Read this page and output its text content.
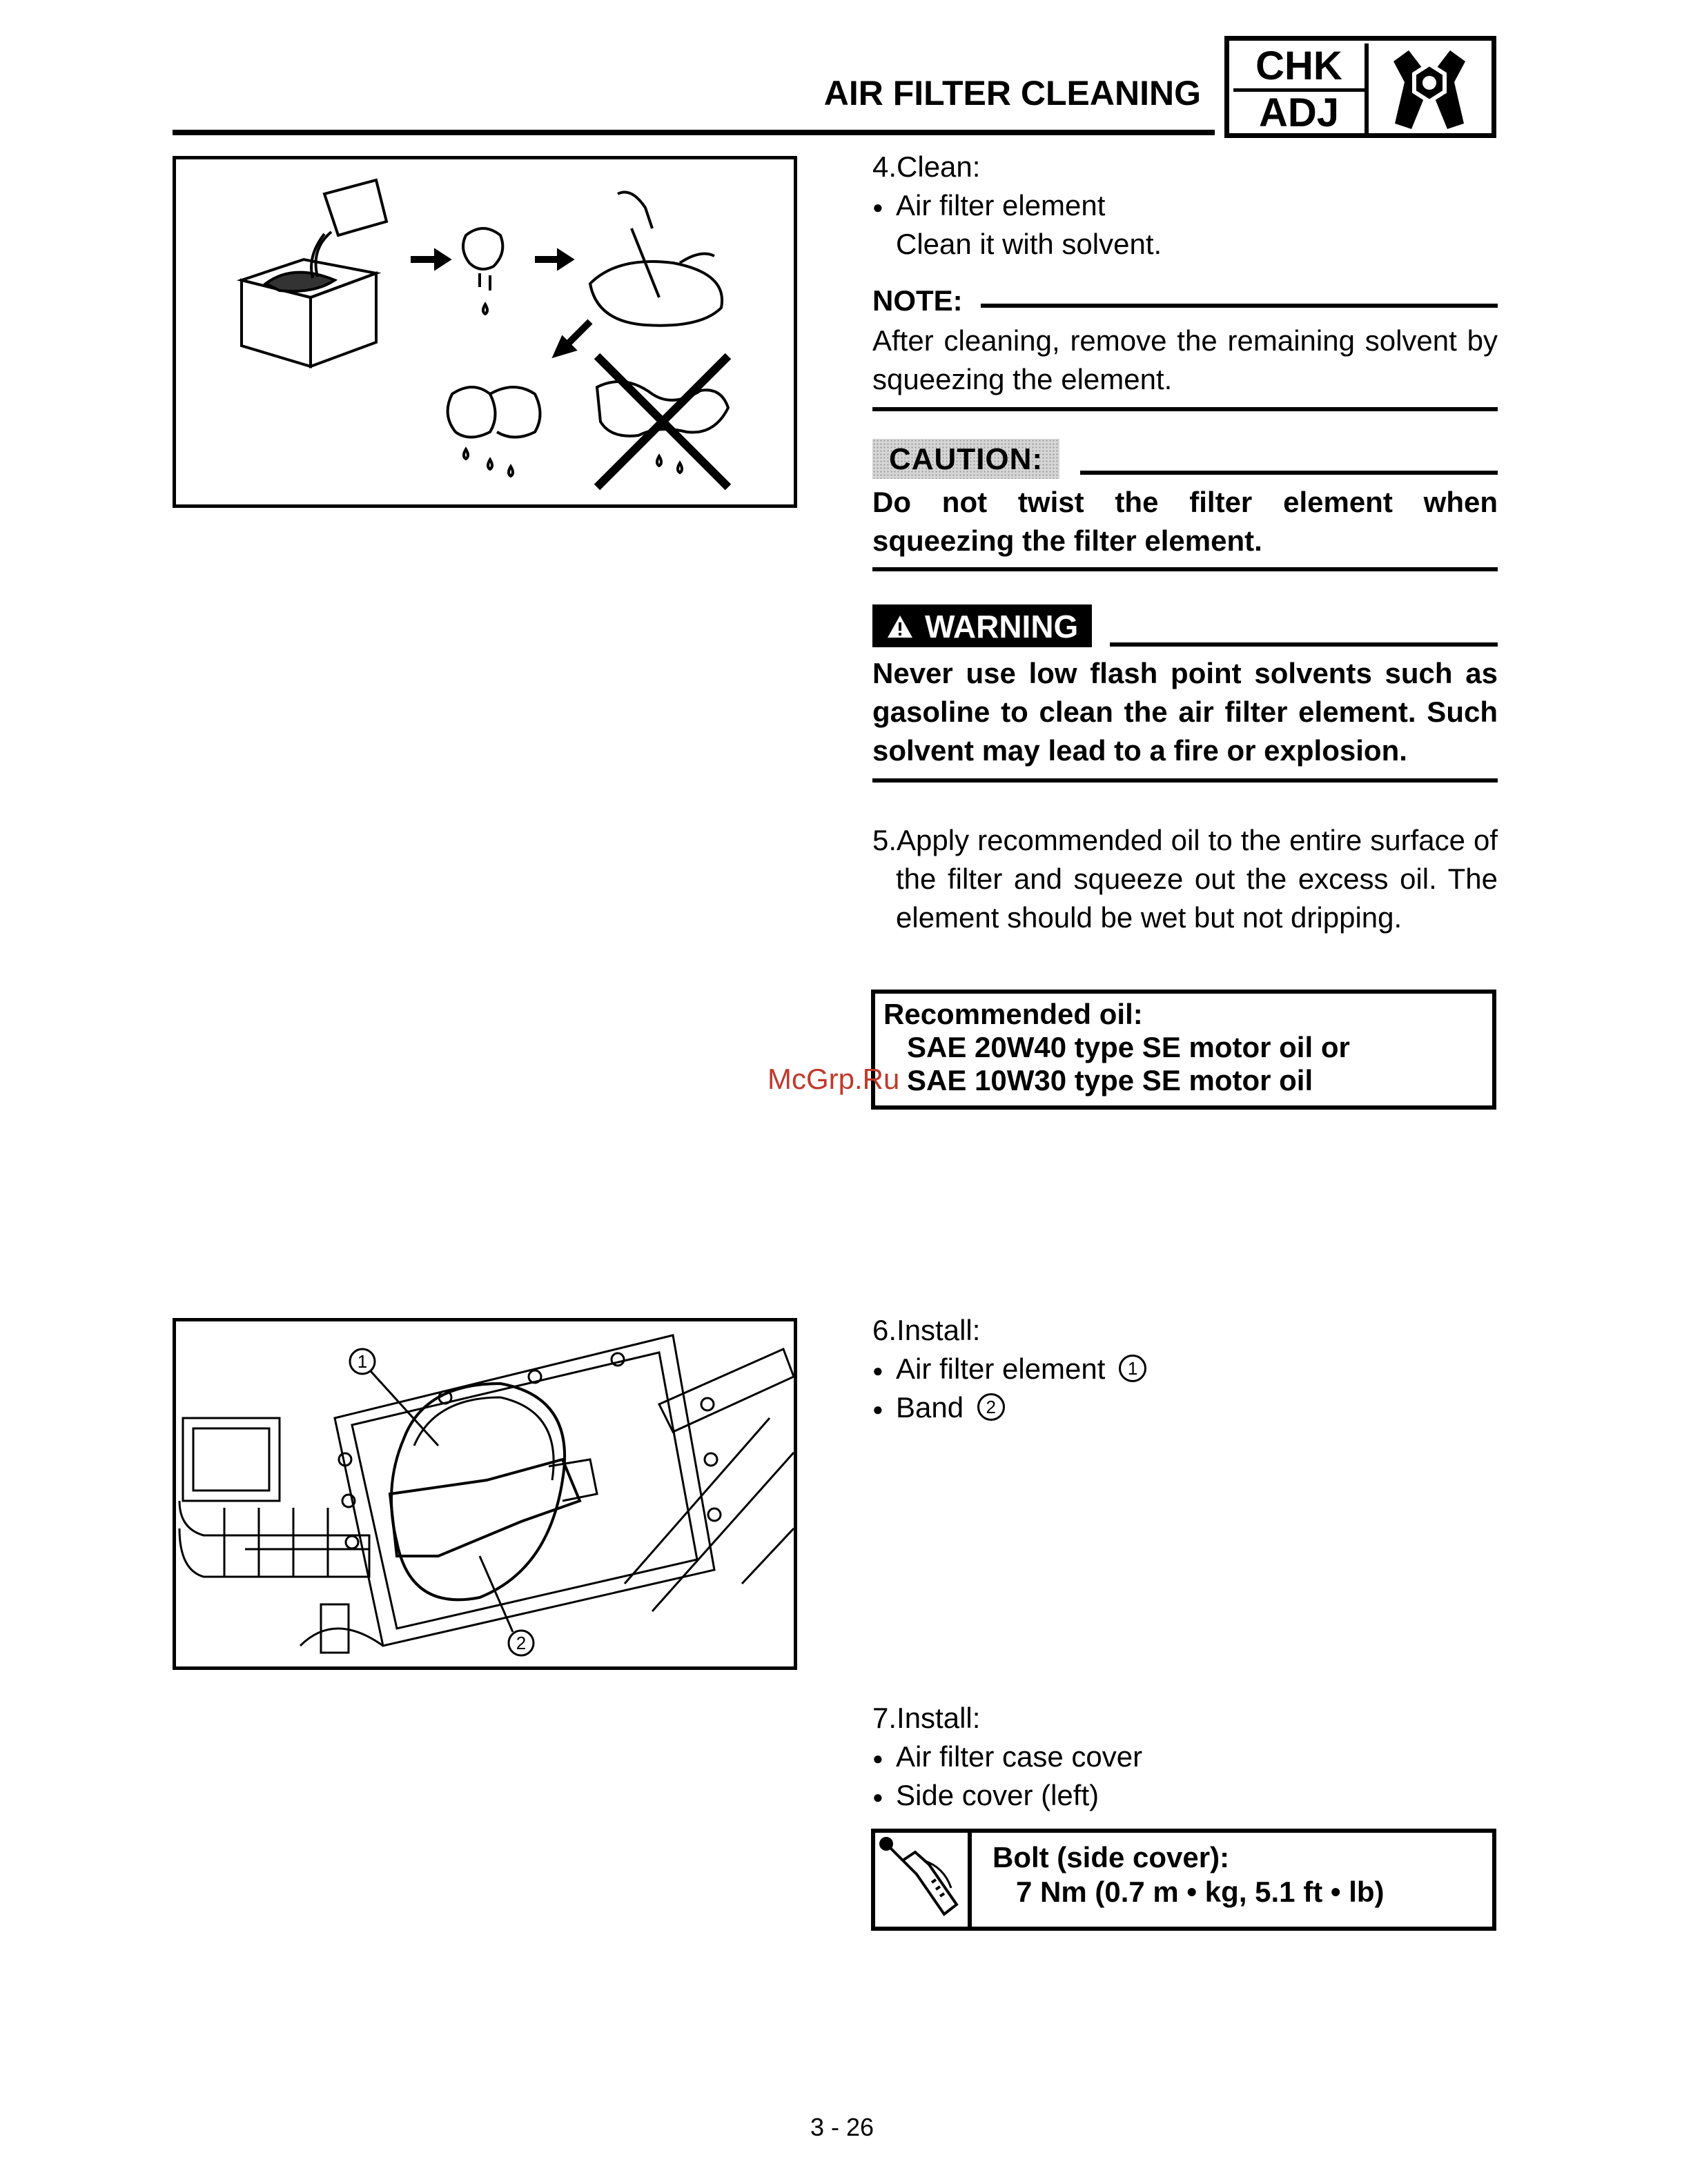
AIR FILTER CLEANING
CHK
ADJ
1
2
4.Clean:
● Air filter element
Clean it with solvent.
NOTE:
After cleaning, remove the remaining solvent by squeezing the element.
CAUTION:
Do not twist the filter element when squeezing the filter element.
WARNING
Never use low flash point solvents such as gasoline to clean the air filter element. Such solvent may lead to a fire or explosion.
5.Apply recommended oil to the entire surface of the filter and squeeze out the excess oil. The element should be wet but not dripping.
Recommended oil:
SAE 20W40 type SE motor oil or
SAE 10W30 type SE motor oil
McGrp.Ru
6.Install:
● Air filter element 1
● Band 2
7.Install:
● Air filter case cover
● Side cover (left)
Bolt (side cover):
7 Nm (0.7 m • kg, 5.1 ft • lb)
3 - 26
